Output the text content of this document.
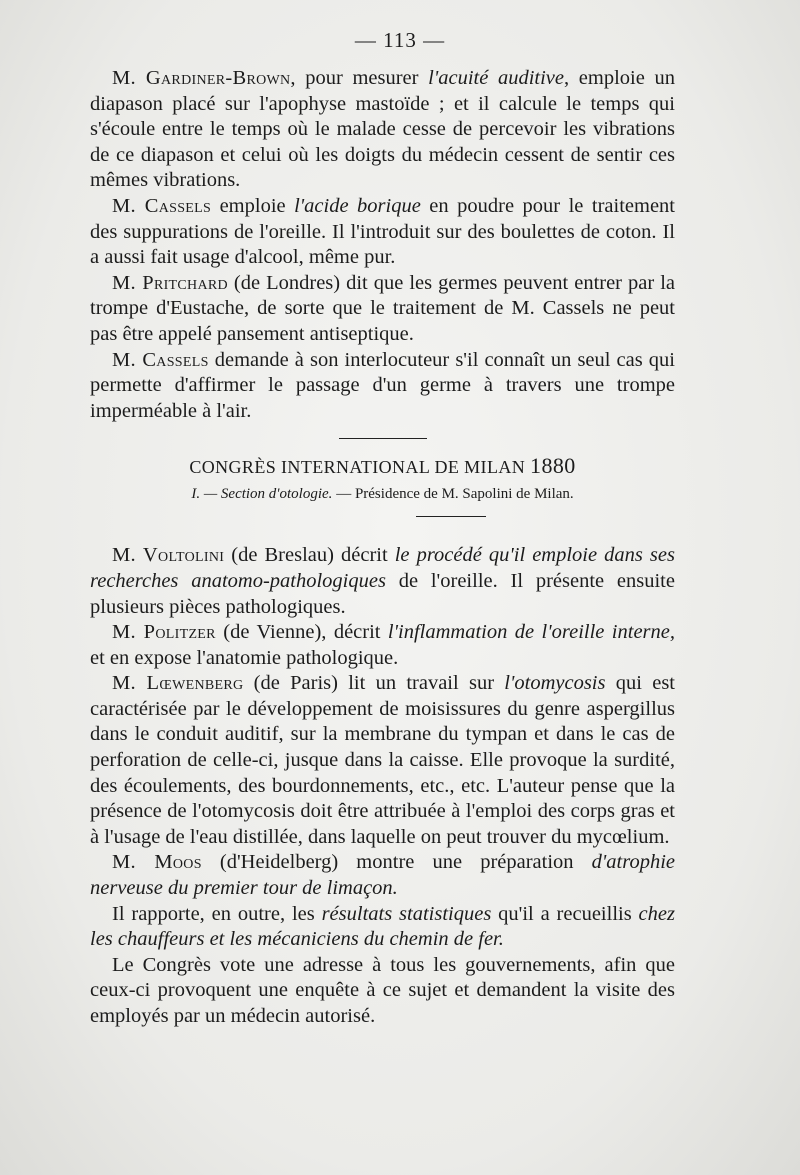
— 113 —

M. Gardiner-Brown, pour mesurer l'acuité auditive, emploie un diapason placé sur l'apophyse mastoïde ; et il calcule le temps qui s'écoule entre le temps où le malade cesse de percevoir les vibrations de ce diapason et celui où les doigts du médecin cessent de sentir ces mêmes vibrations.

M. Cassels emploie l'acide borique en poudre pour le traitement des suppurations de l'oreille. Il l'introduit sur des boulettes de coton. Il a aussi fait usage d'alcool, même pur.

M. Pritchard (de Londres) dit que les germes peuvent entrer par la trompe d'Eustache, de sorte que le traitement de M. Cassels ne peut pas être appelé pansement antiseptique.

M. Cassels demande à son interlocuteur s'il connaît un seul cas qui permette d'affirmer le passage d'un germe à travers une trompe imperméable à l'air.

CONGRÈS INTERNATIONAL DE MILAN 1880
I. — Section d'otologie. — Présidence de M. Sapolini de Milan.

M. Voltolini (de Breslau) décrit le procédé qu'il emploie dans ses recherches anatomo-pathologiques de l'oreille. Il présente ensuite plusieurs pièces pathologiques.

M. Politzer (de Vienne), décrit l'inflammation de l'oreille interne, et en expose l'anatomie pathologique.

M. Lœwenberg (de Paris) lit un travail sur l'otomycosis qui est caractérisée par le développement de moisissures du genre aspergillus dans le conduit auditif, sur la membrane du tympan et dans le cas de perforation de celle-ci, jusque dans la caisse. Elle provoque la surdité, des écoulements, des bourdonnements, etc., etc. L'auteur pense que la présence de l'otomycosis doit être attribuée à l'emploi des corps gras et à l'usage de l'eau distillée, dans laquelle on peut trouver du mycœlium.

M. Moos (d'Heidelberg) montre une préparation d'atrophie nerveuse du premier tour de limaçon.

Il rapporte, en outre, les résultats statistiques qu'il a recueillis chez les chauffeurs et les mécaniciens du chemin de fer.

Le Congrès vote une adresse à tous les gouvernements, afin que ceux-ci provoquent une enquête à ce sujet et demandent la visite des employés par un médecin autorisé.
